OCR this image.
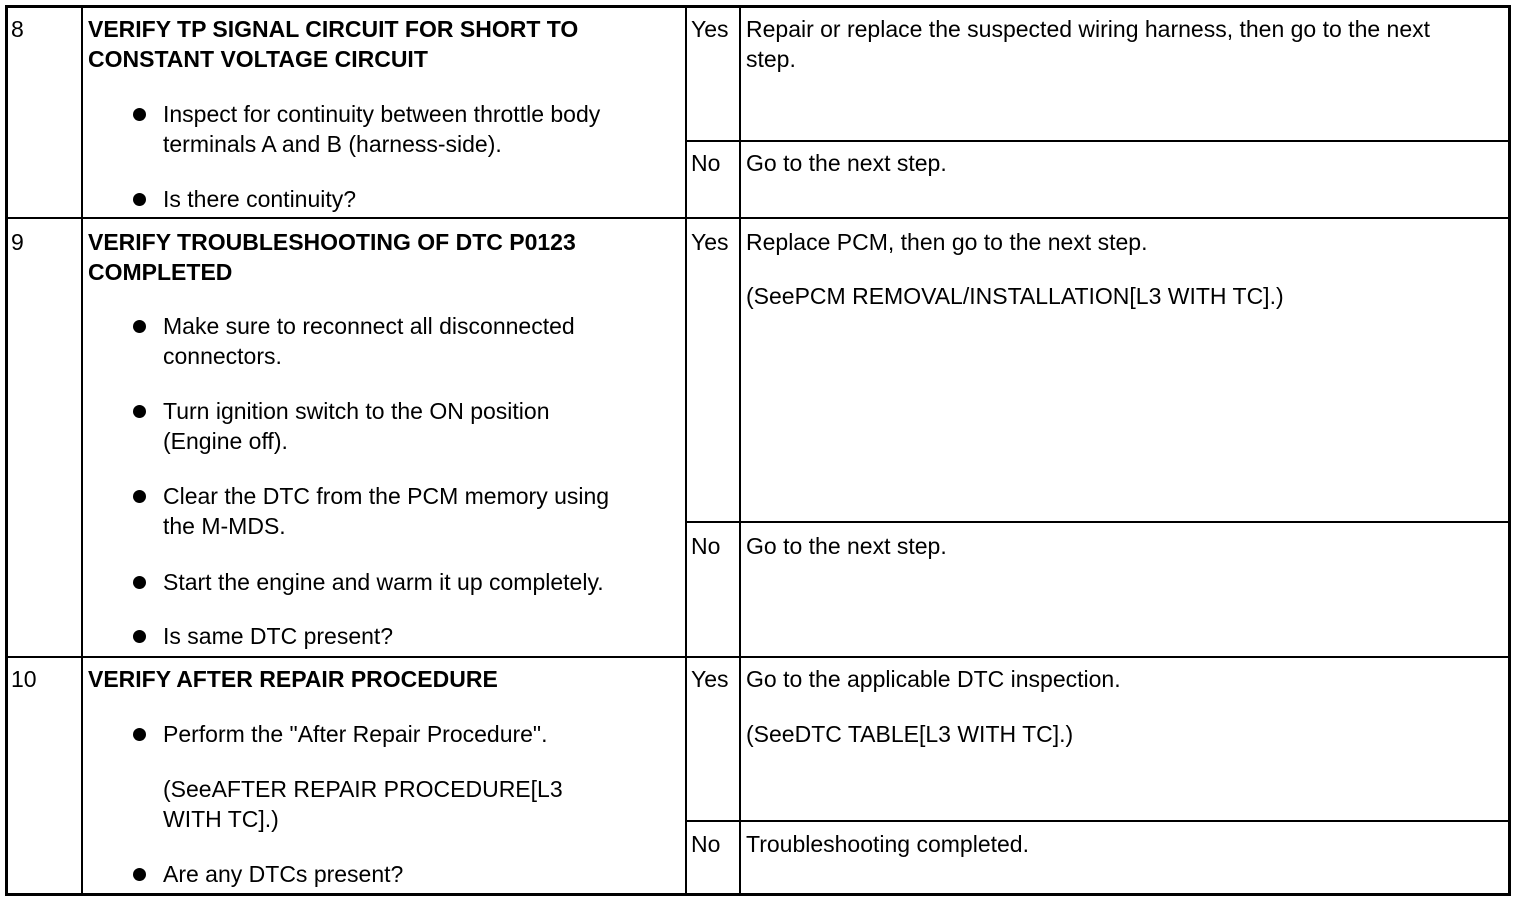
8	VERIFY TP SIGNAL CIRCUIT FOR SHORT TO
CONSTANT VOLTAGE CIRCUIT
Inspect for continuity between throttle body
terminals A and B (harness-side).
Is there continuity?
Yes Repair or replace the suspected wiring harness, then go to the next
step.
No Go to the next step.
9	VERIFY TROUBLESHOOTING OF DTC P0123
COMPLETED
Make sure to reconnect all disconnected
connectors.
Turn ignition switch to the ON position
(Engine off).
Clear the DTC from the PCM memory using
the M-MDS.
Start the engine and warm it up completely.
Is same DTC present?
Yes Replace PCM, then go to the next step.
(SeePCM REMOVAL/INSTALLATION[L3 WITH TC].)
No Go to the next step.
10 VERIFY AFTER REPAIR PROCEDURE
Perform the "After Repair Procedure".
(SeeAFTER REPAIR PROCEDURE[L3
WITH TC].)
Are any DTCs present?
Yes Go to the applicable DTC inspection.
(SeeDTC TABLE[L3 WITH TC].)
No Troubleshooting completed.
